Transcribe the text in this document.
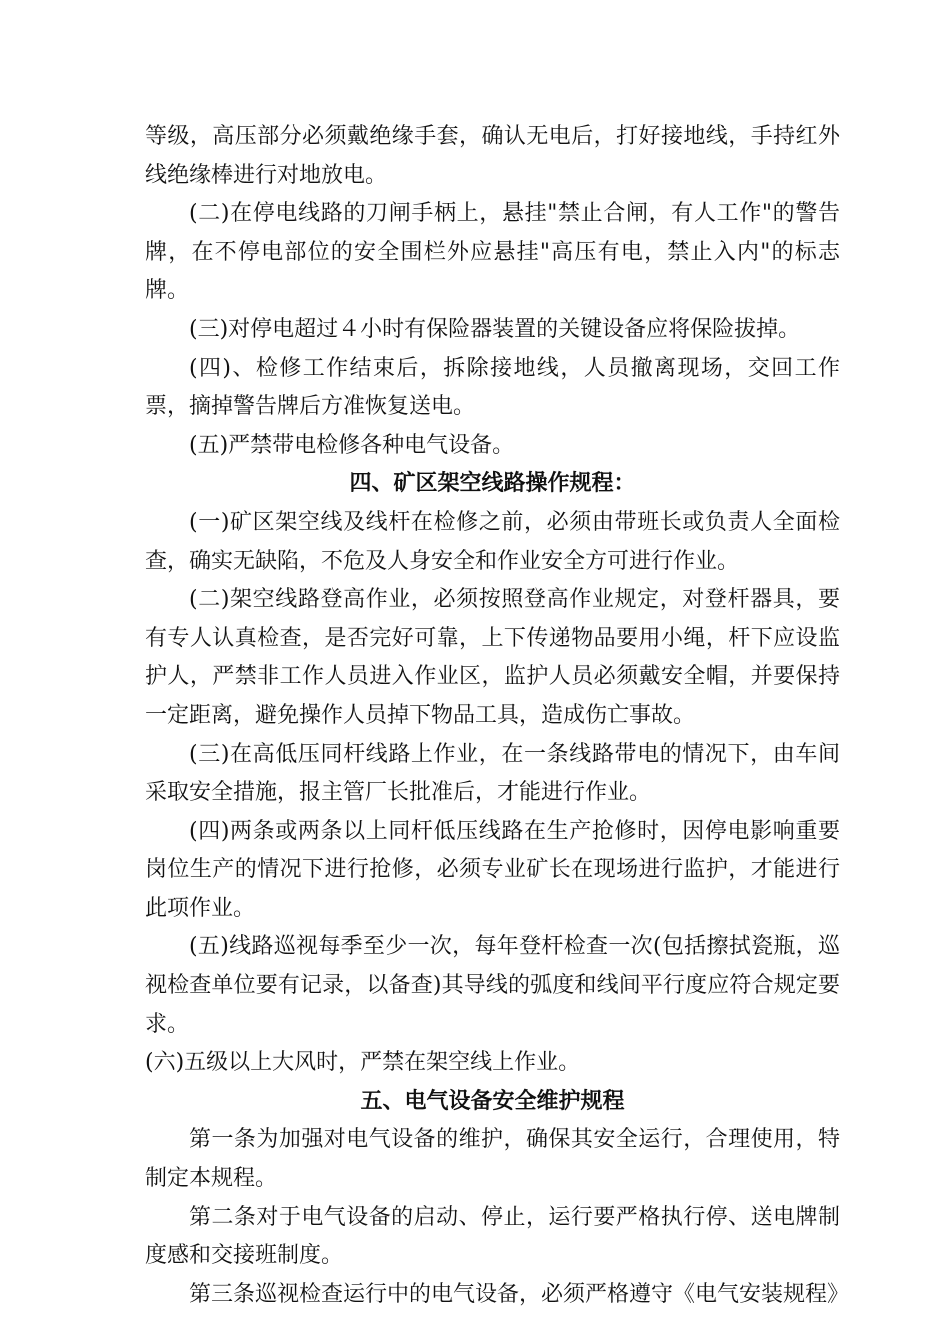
等级，高压部分必须戴绝缘手套，确认无电后，打好接地线，手持红外线绝缘棒进行对地放电。

(二)在停电线路的刀闸手柄上，悬挂"禁止合闸，有人工作"的警告牌，在不停电部位的安全围栏外应悬挂"高压有电，禁止入内"的标志牌。

(三)对停电超过４小时有保险器装置的关键设备应将保险拔掉。

(四)、检修工作结束后，拆除接地线，人员撤离现场，交回工作票，摘掉警告牌后方准恢复送电。

(五)严禁带电检修各种电气设备。

四、矿区架空线路操作规程：

(一)矿区架空线及线杆在检修之前，必须由带班长或负责人全面检查，确实无缺陷，不危及人身安全和作业安全方可进行作业。

(二)架空线路登高作业，必须按照登高作业规定，对登杆器具，要有专人认真检查，是否完好可靠，上下传递物品要用小绳，杆下应设监护人，严禁非工作人员进入作业区，监护人员必须戴安全帽，并要保持一定距离，避免操作人员掉下物品工具，造成伤亡事故。

(三)在高低压同杆线路上作业，在一条线路带电的情况下，由车间采取安全措施，报主管厂长批准后，才能进行作业。

(四)两条或两条以上同杆低压线路在生产抢修时，因停电影响重要岗位生产的情况下进行抢修，必须专业矿长在现场进行监护，才能进行此项作业。

(五)线路巡视每季至少一次，每年登杆检查一次(包括擦拭瓷瓶，巡视检查单位要有记录，以备查)其导线的弧度和线间平行度应符合规定要求。

(六)五级以上大风时，严禁在架空线上作业。

五、电气设备安全维护规程

第一条为加强对电气设备的维护，确保其安全运行，合理使用，特制定本规程。

第二条对于电气设备的启动、停止，运行要严格执行停、送电牌制度感和交接班制度。

第三条巡视检查运行中的电气设备，必须严格遵守《电气安装规程》
